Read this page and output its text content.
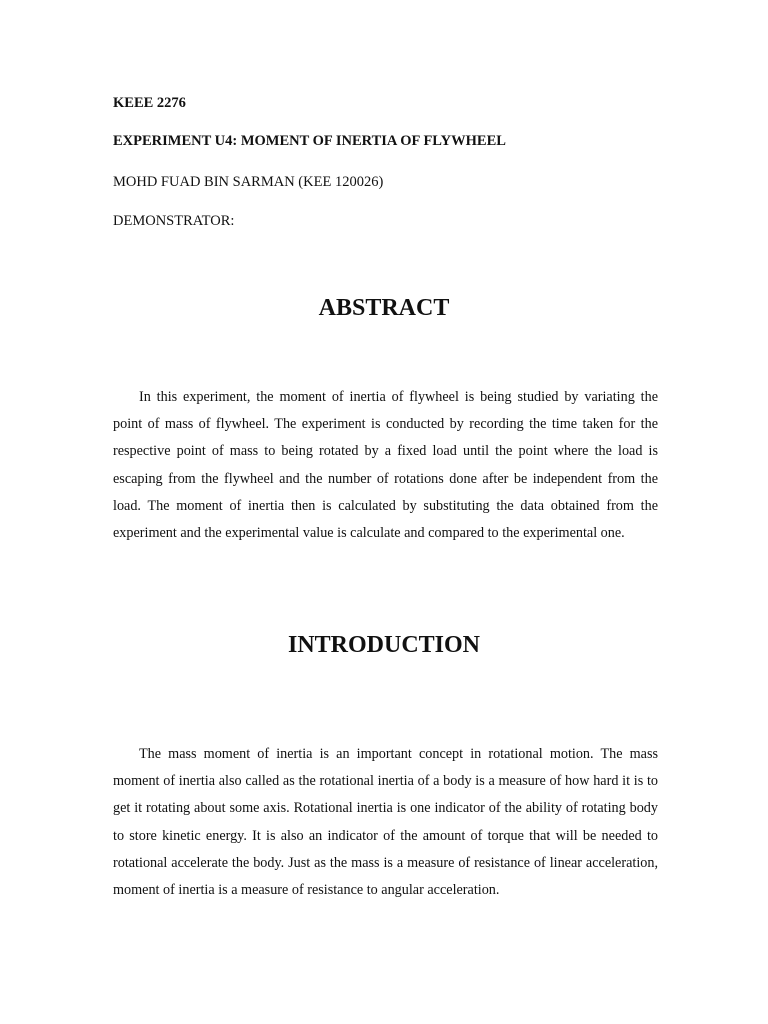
KEEE 2276

EXPERIMENT U4: MOMENT OF INERTIA OF FLYWHEEL

MOHD FUAD BIN SARMAN (KEE 120026)

DEMONSTRATOR:

ABSTRACT

In this experiment, the moment of inertia of flywheel is being studied by variating the point of mass of flywheel. The experiment is conducted by recording the time taken for the respective point of mass to being rotated by a fixed load until the point where the load is escaping from the flywheel and the number of rotations done after be independent from the load. The moment of inertia then is calculated by substituting the data obtained from the experiment and the experimental value is calculate and compared to the experimental one.

INTRODUCTION

The mass moment of inertia is an important concept in rotational motion. The mass moment of inertia also called as the rotational inertia of a body is a measure of how hard it is to get it rotating about some axis. Rotational inertia is one indicator of the ability of rotating body to store kinetic energy. It is also an indicator of the amount of torque that will be needed to rotational accelerate the body. Just as the mass is a measure of resistance of linear acceleration, moment of inertia is a measure of resistance to angular acceleration.
